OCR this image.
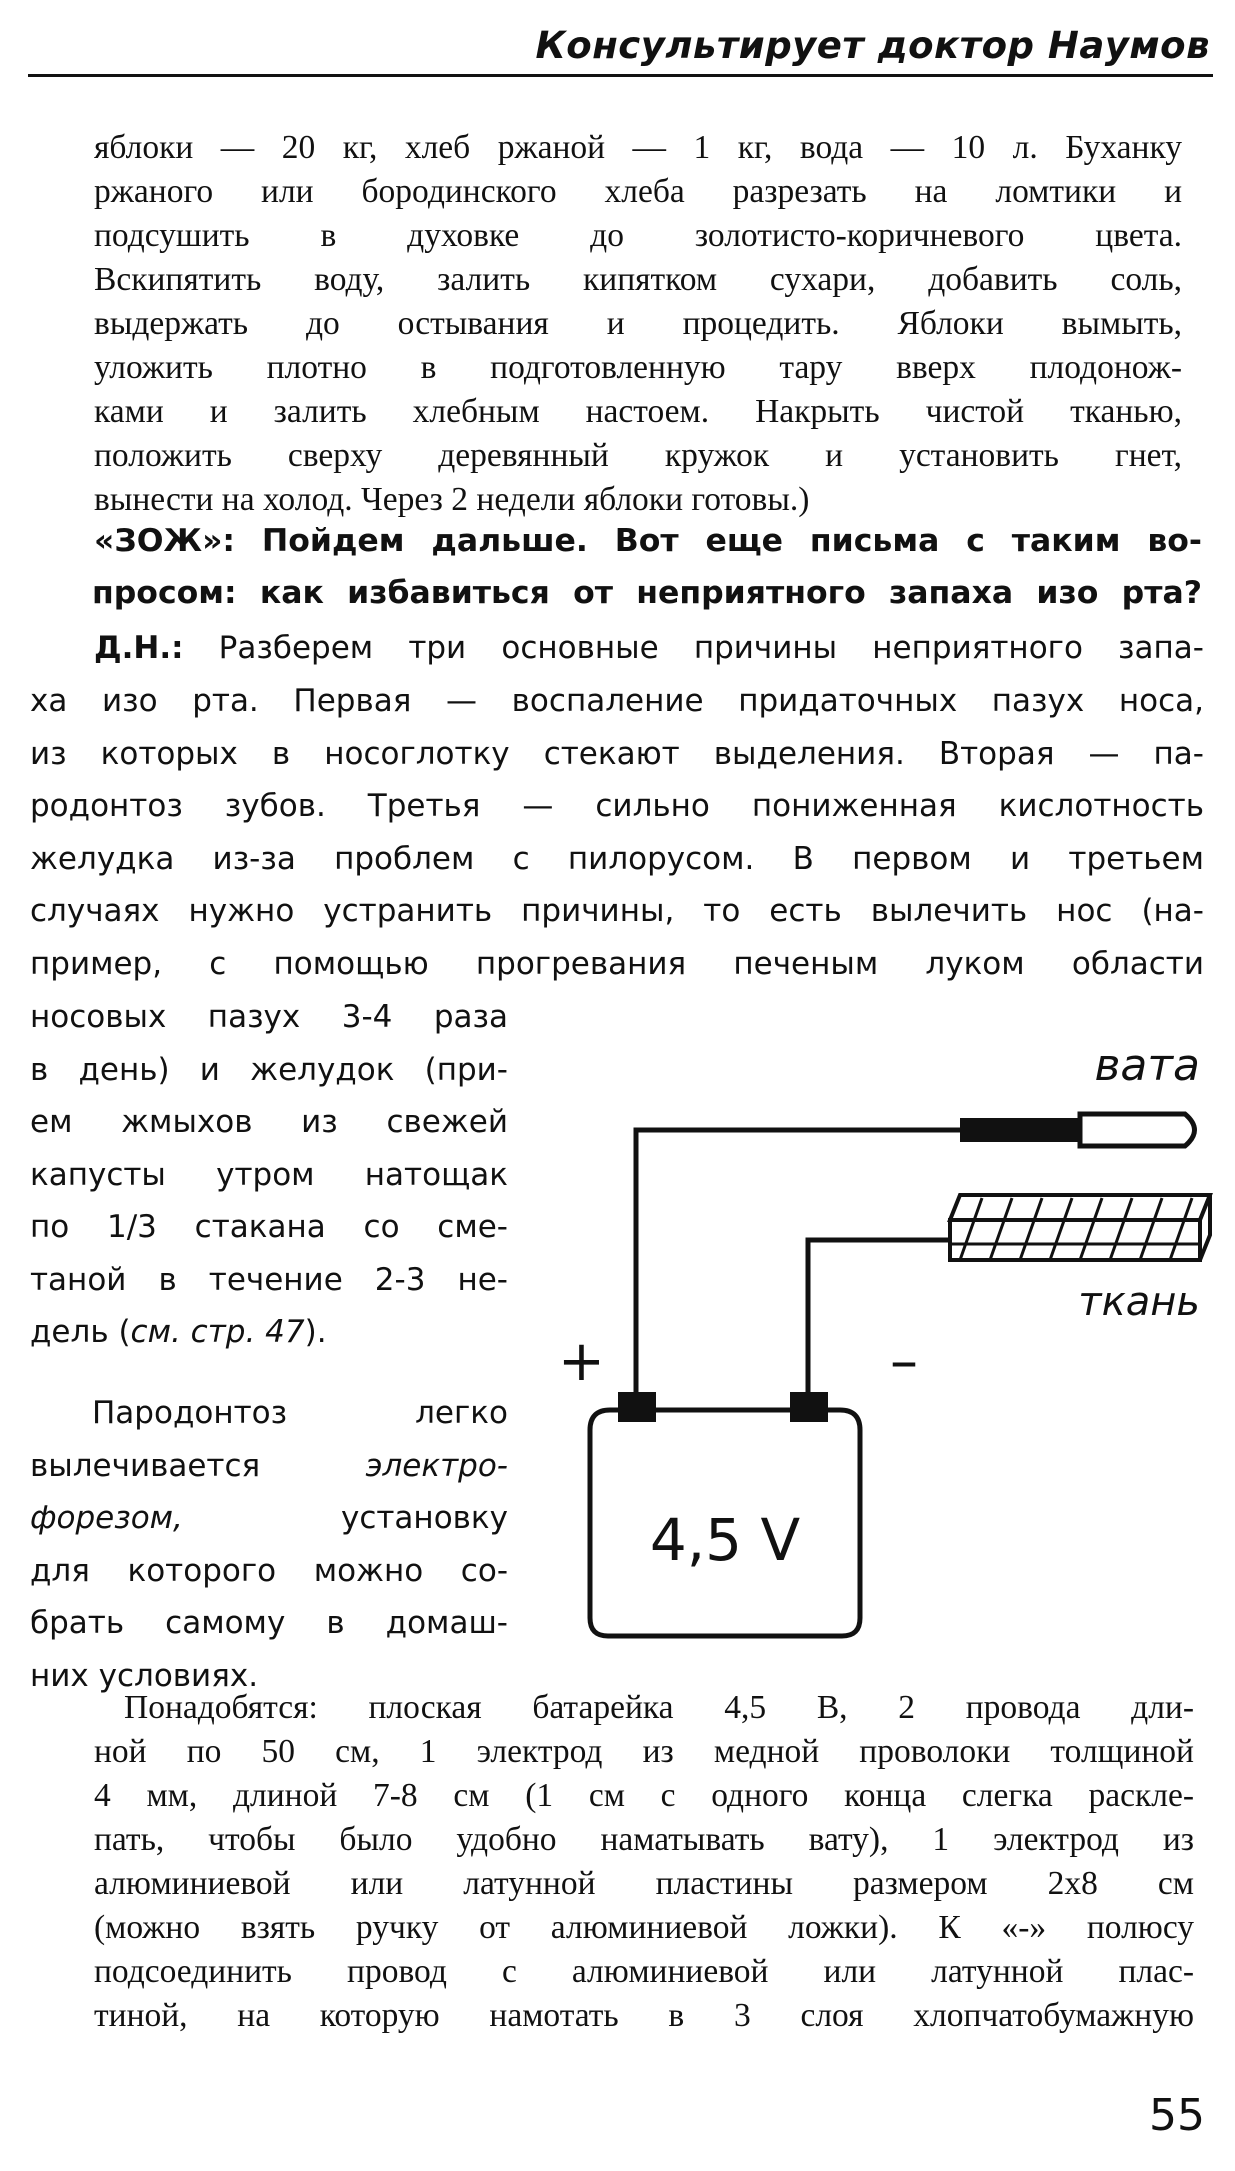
Консультирует доктор Наумов
яблоки — 20 кг, хлеб ржаной — 1 кг, вода — 10 л. Буханку
ржаного или бородинского хлеба разрезать на ломтики и
подсушить в духовке до золотисто-коричневого цвета.
Вскипятить воду, залить кипятком сухари, добавить соль,
выдержать до остывания и процедить. Яблоки вымыть,
уложить плотно в подготовленную тару вверх плодонож-
ками и залить хлебным настоем. Накрыть чистой тканью,
положить сверху деревянный кружок и установить гнет,
вынести на холод. Через 2 недели яблоки готовы.)
«ЗОЖ»: Пойдем дальше. Вот еще письма с таким во-
просом: как избавиться от неприятного запаха изо рта?
Д.Н.: Разберем три основные причины неприятного запа-
ха изо рта. Первая — воспаление придаточных пазух носа,
из которых в носоглотку стекают выделения. Вторая — па-
родонтоз зубов. Третья — сильно пониженная кислотность
желудка из-за проблем с пилорусом. В первом и третьем
случаях нужно устранить причины, то есть вылечить нос (на-
пример, с помощью прогревания печеным луком области
носовых пазух 3-4 раза
в день) и желудок (при-
ем жмыхов из свежей
капусты утром натощак
по 1/3 стакана со сме-
таной в течение 2-3 не-
дель (см. стр. 47).
Пародонтоз легко
вылечивается электро-
форезом, установку
для которого можно со-
брать самому в домаш-
них условиях.
вата
ткань
+	–
4,5 V
Понадобятся: плоская батарейка 4,5 В, 2 провода дли-
ной по 50 см, 1 электрод из медной проволоки толщиной
4 мм, длиной 7-8 см (1 см с одного конца слегка раскле-
пать, чтобы было удобно наматывать вату), 1 электрод из
алюминиевой или латунной пластины размером 2х8 см
(можно взять ручку от алюминиевой ложки). К «-» полюсу
подсоединить провод с алюминиевой или латунной плас-
тиной, на которую намотать в 3 слоя хлопчатобумажную
55
